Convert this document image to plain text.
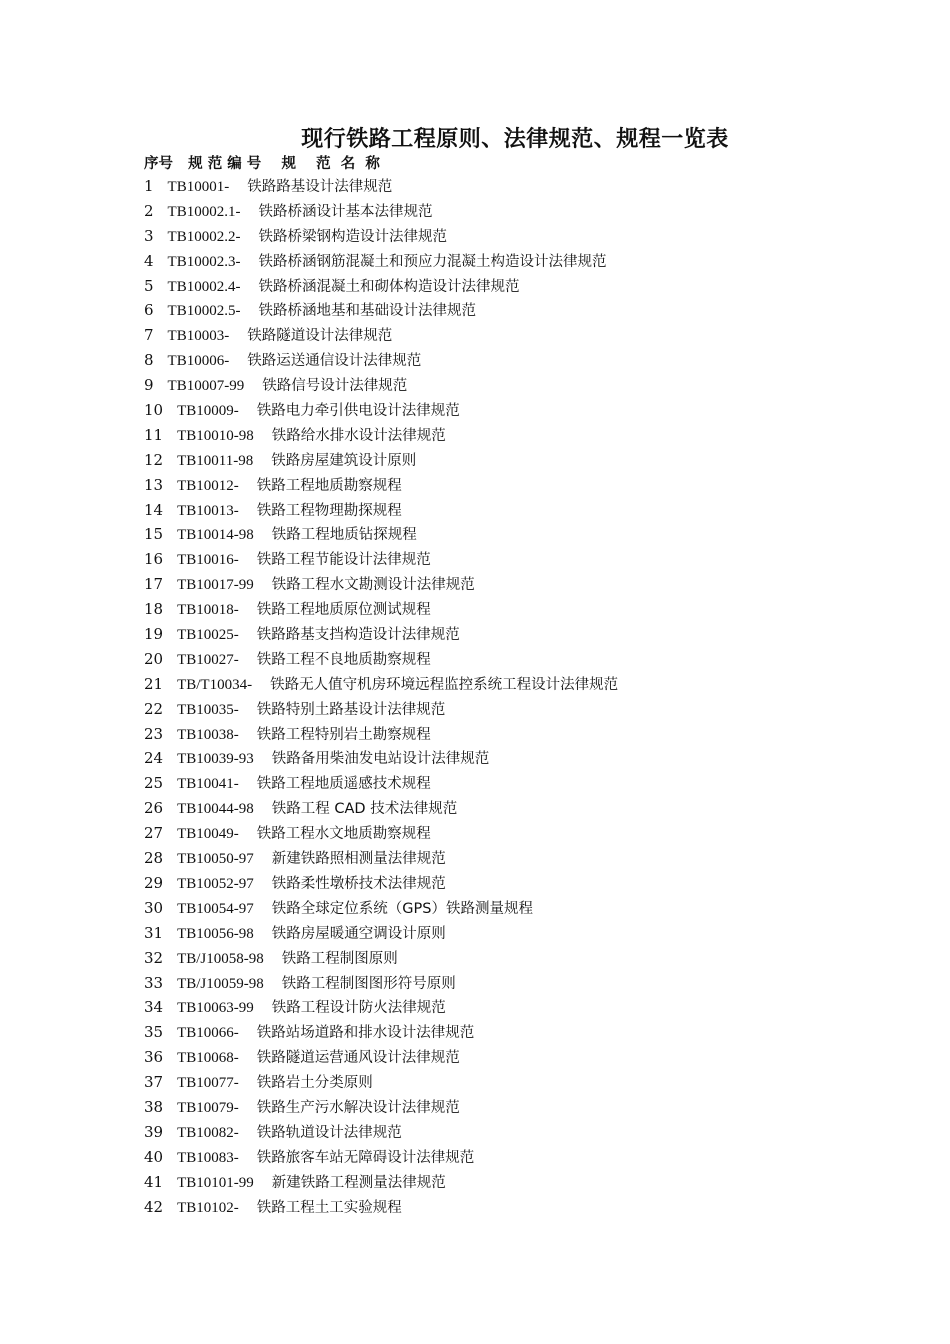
现行铁路工程原则、法律规范、规程一览表
序号   规 范 编 号    规    范  名  称
1 TB10001- 铁路路基设计法律规范
2 TB10002.1- 铁路桥涵设计基本法律规范
3 TB10002.2- 铁路桥梁钢构造设计法律规范
4 TB10002.3- 铁路桥涵钢筋混凝土和预应力混凝土构造设计法律规范
5 TB10002.4- 铁路桥涵混凝土和砌体构造设计法律规范
6 TB10002.5- 铁路桥涵地基和基础设计法律规范
7 TB10003- 铁路隧道设计法律规范
8 TB10006- 铁路运送通信设计法律规范
9 TB10007-99 铁路信号设计法律规范
10 TB10009- 铁路电力牵引供电设计法律规范
11 TB10010-98 铁路给水排水设计法律规范
12 TB10011-98 铁路房屋建筑设计原则
13 TB10012- 铁路工程地质勘察规程
14 TB10013- 铁路工程物理勘探规程
15 TB10014-98 铁路工程地质钻探规程
16 TB10016- 铁路工程节能设计法律规范
17 TB10017-99 铁路工程水文勘测设计法律规范
18 TB10018- 铁路工程地质原位测试规程
19 TB10025- 铁路路基支挡构造设计法律规范
20 TB10027- 铁路工程不良地质勘察规程
21 TB/T10034- 铁路无人值守机房环境远程监控系统工程设计法律规范
22 TB10035- 铁路特别土路基设计法律规范
23 TB10038- 铁路工程特别岩土勘察规程
24 TB10039-93 铁路备用柴油发电站设计法律规范
25 TB10041- 铁路工程地质遥感技术规程
26 TB10044-98 铁路工程 CAD 技术法律规范
27 TB10049- 铁路工程水文地质勘察规程
28 TB10050-97 新建铁路照相测量法律规范
29 TB10052-97 铁路柔性墩桥技术法律规范
30 TB10054-97 铁路全球定位系统（GPS）铁路测量规程
31 TB10056-98 铁路房屋暖通空调设计原则
32 TB/J10058-98 铁路工程制图原则
33 TB/J10059-98 铁路工程制图图形符号原则
34 TB10063-99 铁路工程设计防火法律规范
35 TB10066- 铁路站场道路和排水设计法律规范
36 TB10068- 铁路隧道运营通风设计法律规范
37 TB10077- 铁路岩土分类原则
38 TB10079- 铁路生产污水解决设计法律规范
39 TB10082- 铁路轨道设计法律规范
40 TB10083- 铁路旅客车站无障碍设计法律规范
41 TB10101-99 新建铁路工程测量法律规范
42 TB10102- 铁路工程土工实验规程
